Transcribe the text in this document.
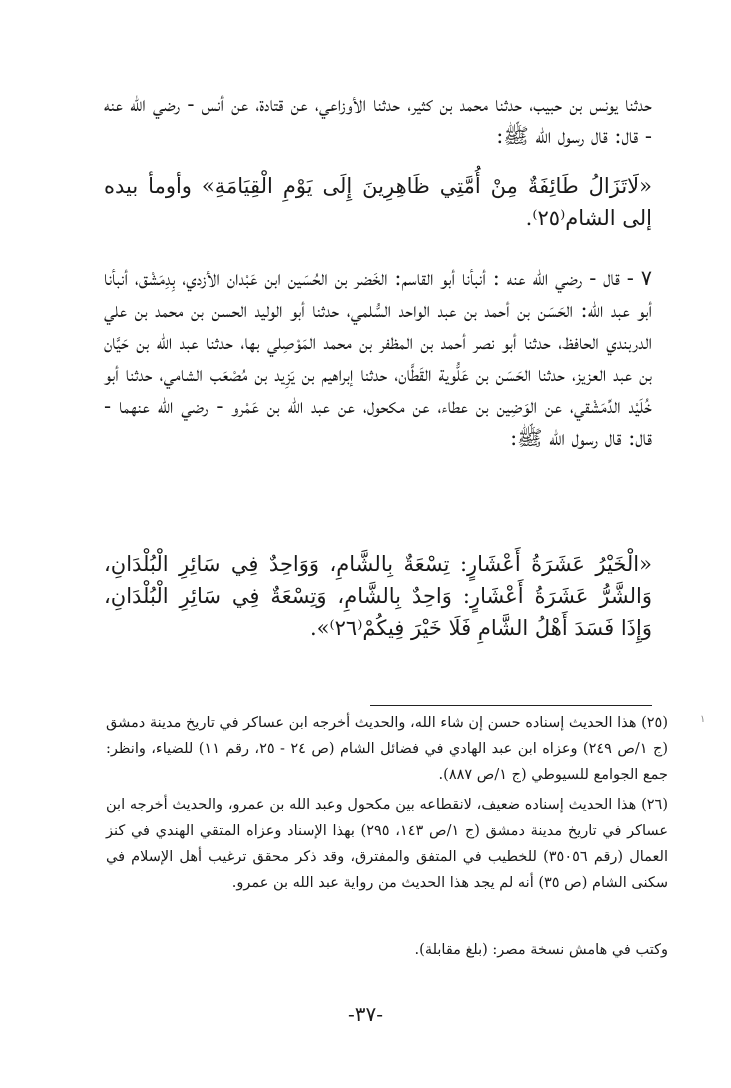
حدثنا يونس بن حبيب، حدثنا محمد بن كثير، حدثنا الأوزاعي، عن قتادة، عن أنس - رضي الله عنه - قال: قال رسول الله ﷺ:

«لَاتَزَالُ طَائِفَةٌ مِنْ أُمَّتِي ظَاهِرِينَ إِلَى يَوْمِ الْقِيَامَةِ» وأومأ بيده إلى الشام⁽٢٥⁾.

٧ - قال - رضي الله عنه : أنبأنا أبو القاسم: الخَضر بن الحُسَين ابن عَبْدان الأزدي، بِدِمَشْق، أنبأنا أبو عبد الله: الحَسَن بن أحمد بن عبد الواحد السُّلمي، حدثنا أبو الوليد الحسن بن محمد بن علي الدربندي الحافظ، حدثنا أبو نصر أحمد بن المظفر بن محمد المَوْصِلي بها، حدثنا عبد الله بن حَيَّان بن عبد العزيز، حدثنا الحَسَن بن عَلُّوية القَطَّان، حدثنا إبراهيم بن يَزِيد بن مُصْعَب الشامي، حدثنا أبو خُلَيْد الدِّمَشْقي، عن الوَضِين بن عطاء، عن مكحول، عن عبد الله بن عَمْرو - رضي الله عنهما - قال: قال رسول الله ﷺ:

«الْخَيْرُ عَشَرَةُ أَعْشَارٍ: تِسْعَةٌ بِالشَّامِ، وَوَاحِدٌ فِي سَائِرِ الْبُلْدَانِ، وَالشَّرُّ عَشَرَةُ أَعْشَارٍ: وَاحِدٌ بِالشَّامِ، وَتِسْعَةٌ فِي سَائِرِ الْبُلْدَانِ، وَإِذَا فَسَدَ أَهْلُ الشَّامِ فَلَا خَيْرَ فِيكُمْ⁽٢٦⁾».

١

(٢٥) هذا الحديث إسناده حسن إن شاء الله، والحديث أخرجه ابن عساكر في تاريخ مدينة دمشق (ج ١/ص ٢٤٩) وعزاه ابن عبد الهادي في فضائل الشام (ص ٢٤ - ٢٥، رقم ١١) للضياء، وانظر: جمع الجوامع للسيوطي (ج ١/ص ٨٨٧).

(٢٦) هذا الحديث إسناده ضعيف، لانقطاعه بين مكحول وعبد الله بن عمرو، والحديث أخرجه ابن عساكر في تاريخ مدينة دمشق (ج ١/ص ١٤٣، ٢٩٥) بهذا الإسناد وعزاه المتقي الهندي في كنز العمال (رقم ٣٥٠٥٦) للخطيب في المتفق والمفترق، وقد ذكر محقق ترغيب أهل الإسلام في سكنى الشام (ص ٣٥) أنه لم يجد هذا الحديث من رواية عبد الله بن عمرو.

وكتب في هامش نسخة مصر: (بلغ مقابلة).

-٣٧-
